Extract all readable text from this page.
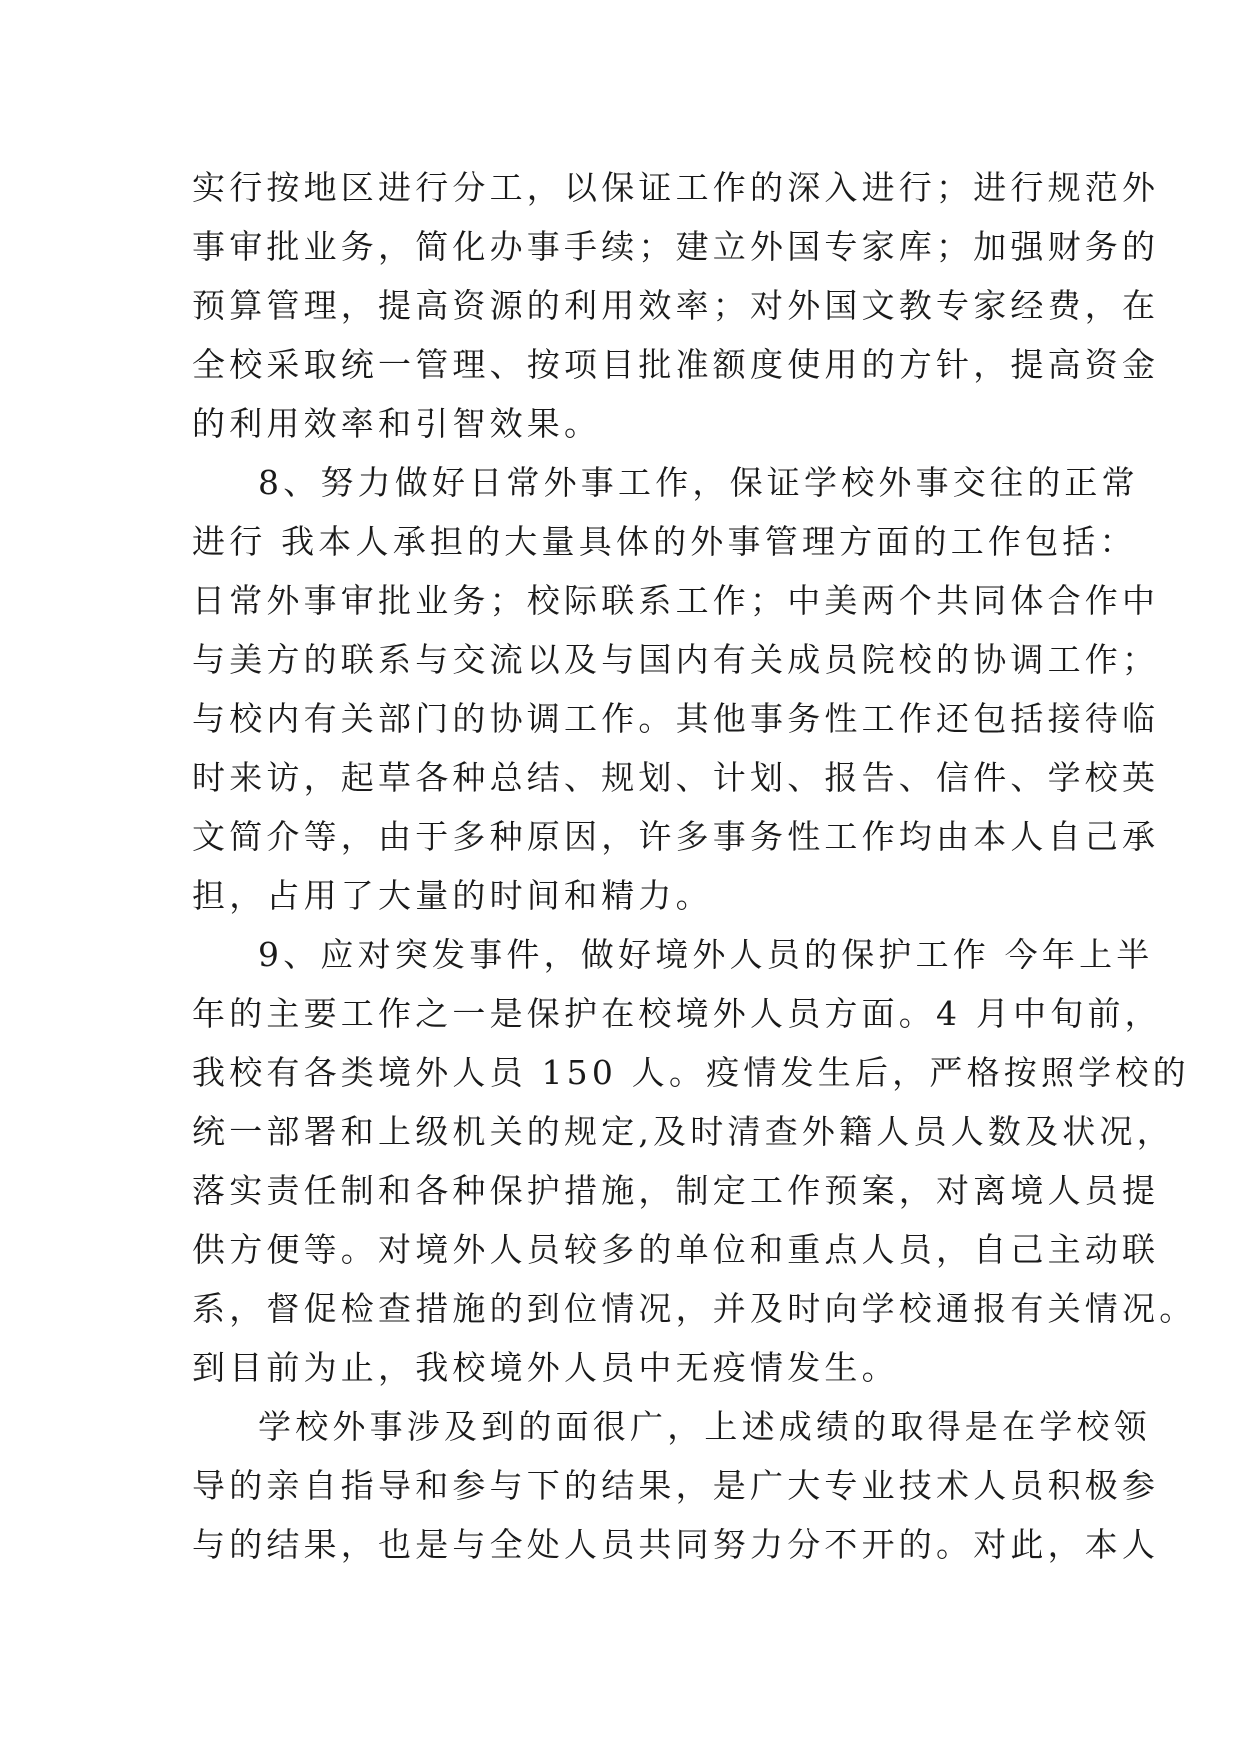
实行按地区进行分工，以保证工作的深入进行；进行规范外
事审批业务，简化办事手续；建立外国专家库；加强财务的
预算管理，提高资源的利用效率；对外国文教专家经费，在
全校采取统一管理、按项目批准额度使用的方针，提高资金
的利用效率和引智效果。
8、努力做好日常外事工作，保证学校外事交往的正常
进行 我本人承担的大量具体的外事管理方面的工作包括：
日常外事审批业务；校际联系工作；中美两个共同体合作中
与美方的联系与交流以及与国内有关成员院校的协调工作；
与校内有关部门的协调工作。其他事务性工作还包括接待临
时来访，起草各种总结、规划、计划、报告、信件、学校英
文简介等，由于多种原因，许多事务性工作均由本人自己承
担，占用了大量的时间和精力。
9、应对突发事件，做好境外人员的保护工作 今年上半
年的主要工作之一是保护在校境外人员方面。4 月中旬前，
我校有各类境外人员 150 人。疫情发生后，严格按照学校的
统一部署和上级机关的规定,及时清查外籍人员人数及状况，
落实责任制和各种保护措施，制定工作预案，对离境人员提
供方便等。对境外人员较多的单位和重点人员，自己主动联
系，督促检查措施的到位情况，并及时向学校通报有关情况。
到目前为止，我校境外人员中无疫情发生。
学校外事涉及到的面很广，上述成绩的取得是在学校领
导的亲自指导和参与下的结果，是广大专业技术人员积极参
与的结果，也是与全处人员共同努力分不开的。对此，本人
